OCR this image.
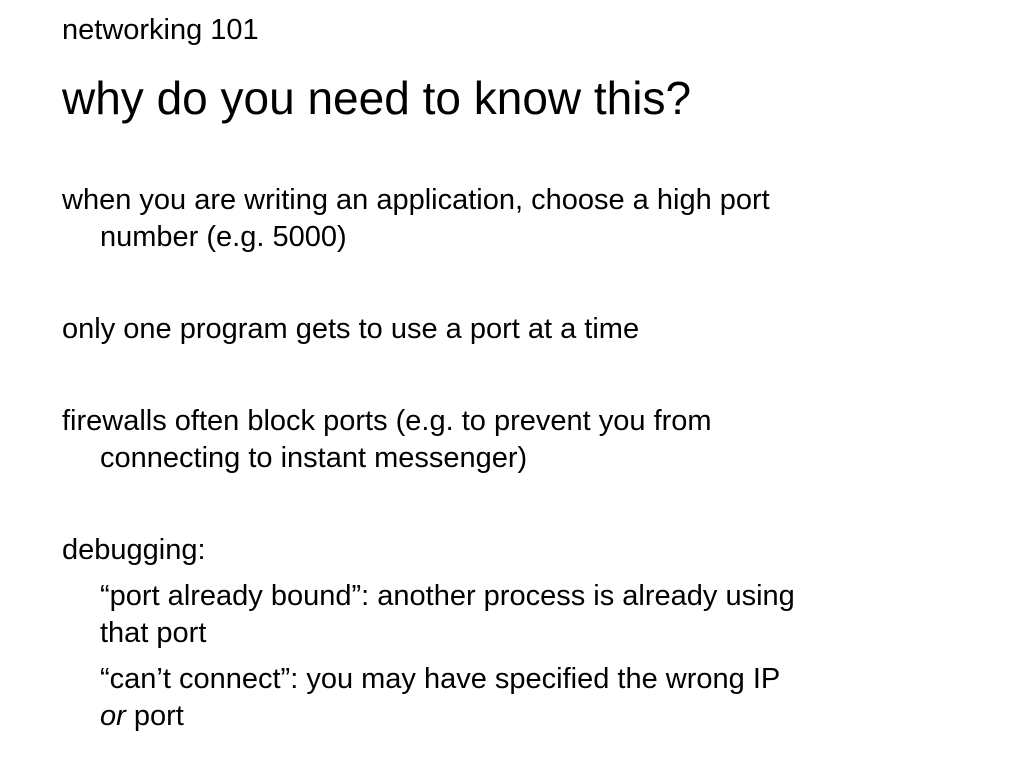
networking 101
why do you need to know this?
when you are writing an application, choose a high port
number (e.g. 5000)
only one program gets to use a port at a time
firewalls often block ports (e.g. to prevent you from
connecting to instant messenger)
debugging:
“port already bound”: another process is already using
that port
“can’t connect”: you may have specified the wrong IP
or port
